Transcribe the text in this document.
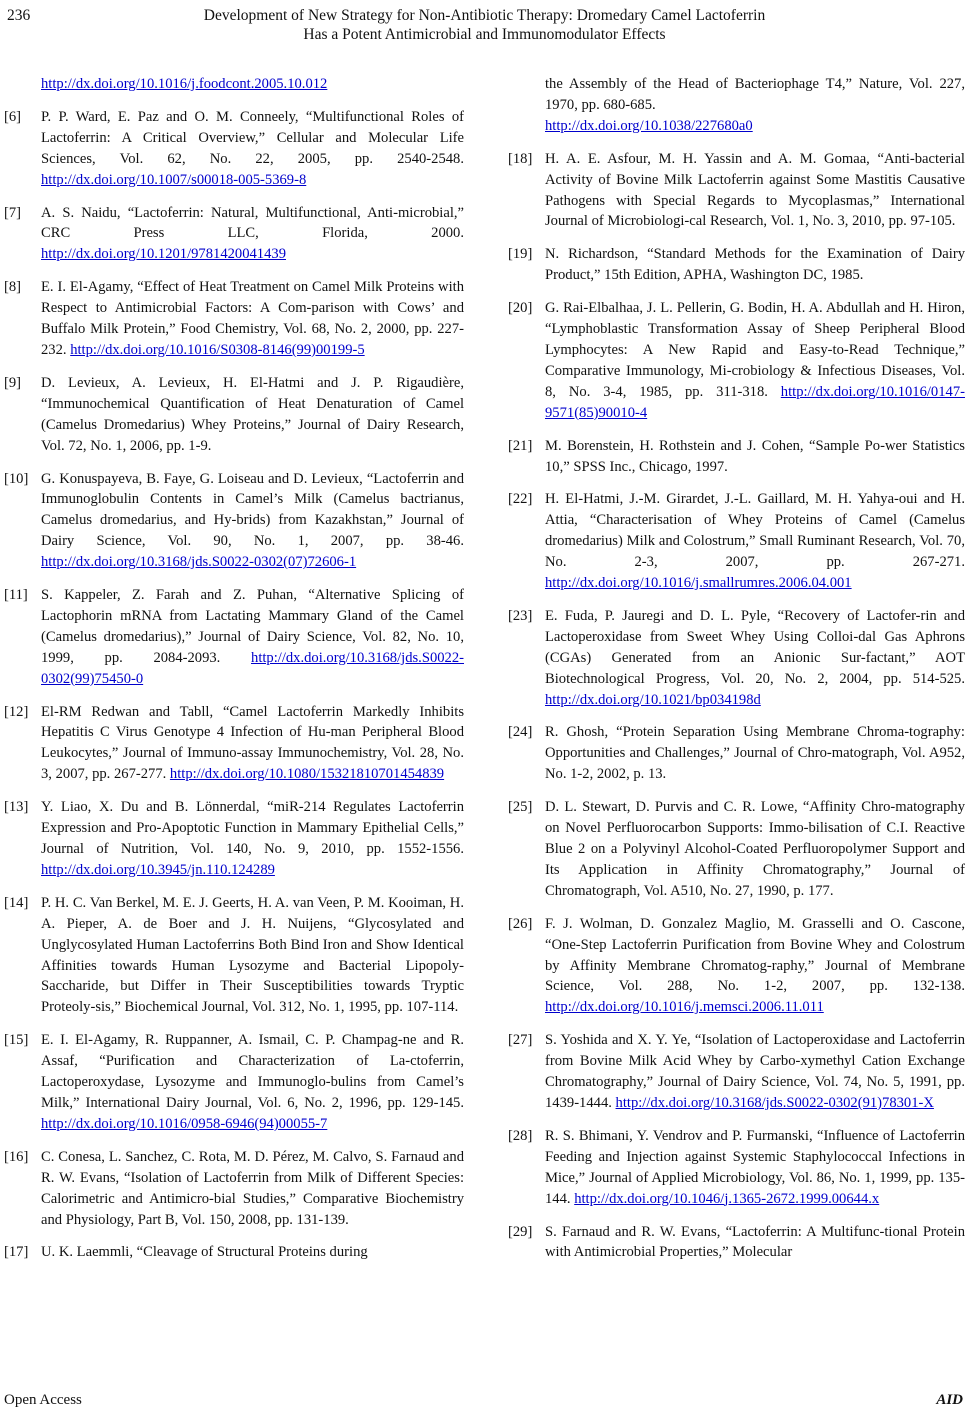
236	Development of New Strategy for Non-Antibiotic Therapy: Dromedary Camel Lactoferrin
Has a Potent Antimicrobial and Immunomodulator Effects
http://dx.doi.org/10.1016/j.foodcont.2005.10.012
[6] P. P. Ward, E. Paz and O. M. Conneely, “Multifunctional Roles of Lactoferrin: A Critical Overview,” Cellular and Molecular Life Sciences, Vol. 62, No. 22, 2005, pp. 2540-2548. http://dx.doi.org/10.1007/s00018-005-5369-8
[7] A. S. Naidu, “Lactoferrin: Natural, Multifunctional, Anti-microbial,” CRC Press LLC, Florida, 2000. http://dx.doi.org/10.1201/9781420041439
[8] E. I. El-Agamy, “Effect of Heat Treatment on Camel Milk Proteins with Respect to Antimicrobial Factors: A Com-parison with Cows’ and Buffalo Milk Protein,” Food Chemistry, Vol. 68, No. 2, 2000, pp. 227-232. http://dx.doi.org/10.1016/S0308-8146(99)00199-5
[9] D. Levieux, A. Levieux, H. El-Hatmi and J. P. Rigaudière, “Immunochemical Quantification of Heat Denaturation of Camel (Camelus Dromedarius) Whey Proteins,” Journal of Dairy Research, Vol. 72, No. 1, 2006, pp. 1-9.
[10] G. Konuspayeva, B. Faye, G. Loiseau and D. Levieux, “Lactoferrin and Immunoglobulin Contents in Camel’s Milk (Camelus bactrianus, Camelus dromedarius, and Hy-brids) from Kazakhstan,” Journal of Dairy Science, Vol. 90, No. 1, 2007, pp. 38-46. http://dx.doi.org/10.3168/jds.S0022-0302(07)72606-1
[11] S. Kappeler, Z. Farah and Z. Puhan, “Alternative Splicing of Lactophorin mRNA from Lactating Mammary Gland of the Camel (Camelus dromedarius),” Journal of Dairy Science, Vol. 82, No. 10, 1999, pp. 2084-2093. http://dx.doi.org/10.3168/jds.S0022-0302(99)75450-0
[12] El-RM Redwan and Tabll, “Camel Lactoferrin Markedly Inhibits Hepatitis C Virus Genotype 4 Infection of Hu-man Peripheral Blood Leukocytes,” Journal of Immuno-assay Immunochemistry, Vol. 28, No. 3, 2007, pp. 267-277. http://dx.doi.org/10.1080/15321810701454839
[13] Y. Liao, X. Du and B. Lönnerdal, “miR-214 Regulates Lactoferrin Expression and Pro-Apoptotic Function in Mammary Epithelial Cells,” Journal of Nutrition, Vol. 140, No. 9, 2010, pp. 1552-1556. http://dx.doi.org/10.3945/jn.110.124289
[14] P. H. C. Van Berkel, M. E. J. Geerts, H. A. van Veen, P. M. Kooiman, H. A. Pieper, A. de Boer and J. H. Nuijens, “Glycosylated and Unglycosylated Human Lactoferrins Both Bind Iron and Show Identical Affinities towards Human Lysozyme and Bacterial Lipopoly-Saccharide, but Differ in Their Susceptibilities towards Tryptic Proteoly-sis,” Biochemical Journal, Vol. 312, No. 1, 1995, pp. 107-114.
[15] E. I. El-Agamy, R. Ruppanner, A. Ismail, C. P. Champag-ne and R. Assaf, “Purification and Characterization of La-ctoferrin, Lactoperoxydase, Lysozyme and Immunoglo-bulins from Camel’s Milk,” International Dairy Journal, Vol. 6, No. 2, 1996, pp. 129-145. http://dx.doi.org/10.1016/0958-6946(94)00055-7
[16] C. Conesa, L. Sanchez, C. Rota, M. D. Pérez, M. Calvo, S. Farnaud and R. W. Evans, “Isolation of Lactoferrin from Milk of Different Species: Calorimetric and Antimicro-bial Studies,” Comparative Biochemistry and Physiology, Part B, Vol. 150, 2008, pp. 131-139.
[17] U. K. Laemmli, “Cleavage of Structural Proteins during
the Assembly of the Head of Bacteriophage T4,” Nature, Vol. 227, 1970, pp. 680-685.
http://dx.doi.org/10.1038/227680a0
[18] H. A. E. Asfour, M. H. Yassin and A. M. Gomaa, “Anti-bacterial Activity of Bovine Milk Lactoferrin against Some Mastitis Causative Pathogens with Special Regards to Mycoplasmas,” International Journal of Microbiologi-cal Research, Vol. 1, No. 3, 2010, pp. 97-105.
[19] N. Richardson, “Standard Methods for the Examination of Dairy Product,” 15th Edition, APHA, Washington DC, 1985.
[20] G. Rai-Elbalhaa, J. L. Pellerin, G. Bodin, H. A. Abdullah and H. Hiron, “Lymphoblastic Transformation Assay of Sheep Peripheral Blood Lymphocytes: A New Rapid and Easy-to-Read Technique,” Comparative Immunology, Mi-crobiology & Infectious Diseases, Vol. 8, No. 3-4, 1985, pp. 311-318. http://dx.doi.org/10.1016/0147-9571(85)90010-4
[21] M. Borenstein, H. Rothstein and J. Cohen, “Sample Po-wer Statistics 10,” SPSS Inc., Chicago, 1997.
[22] H. El-Hatmi, J.-M. Girardet, J.-L. Gaillard, M. H. Yahya-oui and H. Attia, “Characterisation of Whey Proteins of Camel (Camelus dromedarius) Milk and Colostrum,” Small Ruminant Research, Vol. 70, No. 2-3, 2007, pp. 267-271. http://dx.doi.org/10.1016/j.smallrumres.2006.04.001
[23] E. Fuda, P. Jauregi and D. L. Pyle, “Recovery of Lactofer-rin and Lactoperoxidase from Sweet Whey Using Colloi-dal Gas Aphrons (CGAs) Generated from an Anionic Sur-factant,” AOT Biotechnological Progress, Vol. 20, No. 2, 2004, pp. 514-525. http://dx.doi.org/10.1021/bp034198d
[24] R. Ghosh, “Protein Separation Using Membrane Chroma-tography: Opportunities and Challenges,” Journal of Chro-matograph, Vol. A952, No. 1-2, 2002, p. 13.
[25] D. L. Stewart, D. Purvis and C. R. Lowe, “Affinity Chro-matography on Novel Perfluorocarbon Supports: Immo-bilisation of C.I. Reactive Blue 2 on a Polyvinyl Alcohol-Coated Perfluoropolymer Support and Its Application in Affinity Chromatography,” Journal of Chromatograph, Vol. A510, No. 27, 1990, p. 177.
[26] F. J. Wolman, D. Gonzalez Maglio, M. Grasselli and O. Cascone, “One-Step Lactoferrin Purification from Bovine Whey and Colostrum by Affinity Membrane Chromatog-raphy,” Journal of Membrane Science, Vol. 288, No. 1-2, 2007, pp. 132-138. http://dx.doi.org/10.1016/j.memsci.2006.11.011
[27] S. Yoshida and X. Y. Ye, “Isolation of Lactoperoxidase and Lactoferrin from Bovine Milk Acid Whey by Carbo-xymethyl Cation Exchange Chromatography,” Journal of Dairy Science, Vol. 74, No. 5, 1991, pp. 1439-1444. http://dx.doi.org/10.3168/jds.S0022-0302(91)78301-X
[28] R. S. Bhimani, Y. Vendrov and P. Furmanski, “Influence of Lactoferrin Feeding and Injection against Systemic Staphylococcal Infections in Mice,” Journal of Applied Microbiology, Vol. 86, No. 1, 1999, pp. 135-144. http://dx.doi.org/10.1046/j.1365-2672.1999.00644.x
[29] S. Farnaud and R. W. Evans, “Lactoferrin: A Multifunc-tional Protein with Antimicrobial Properties,” Molecular
Open Access	AID
